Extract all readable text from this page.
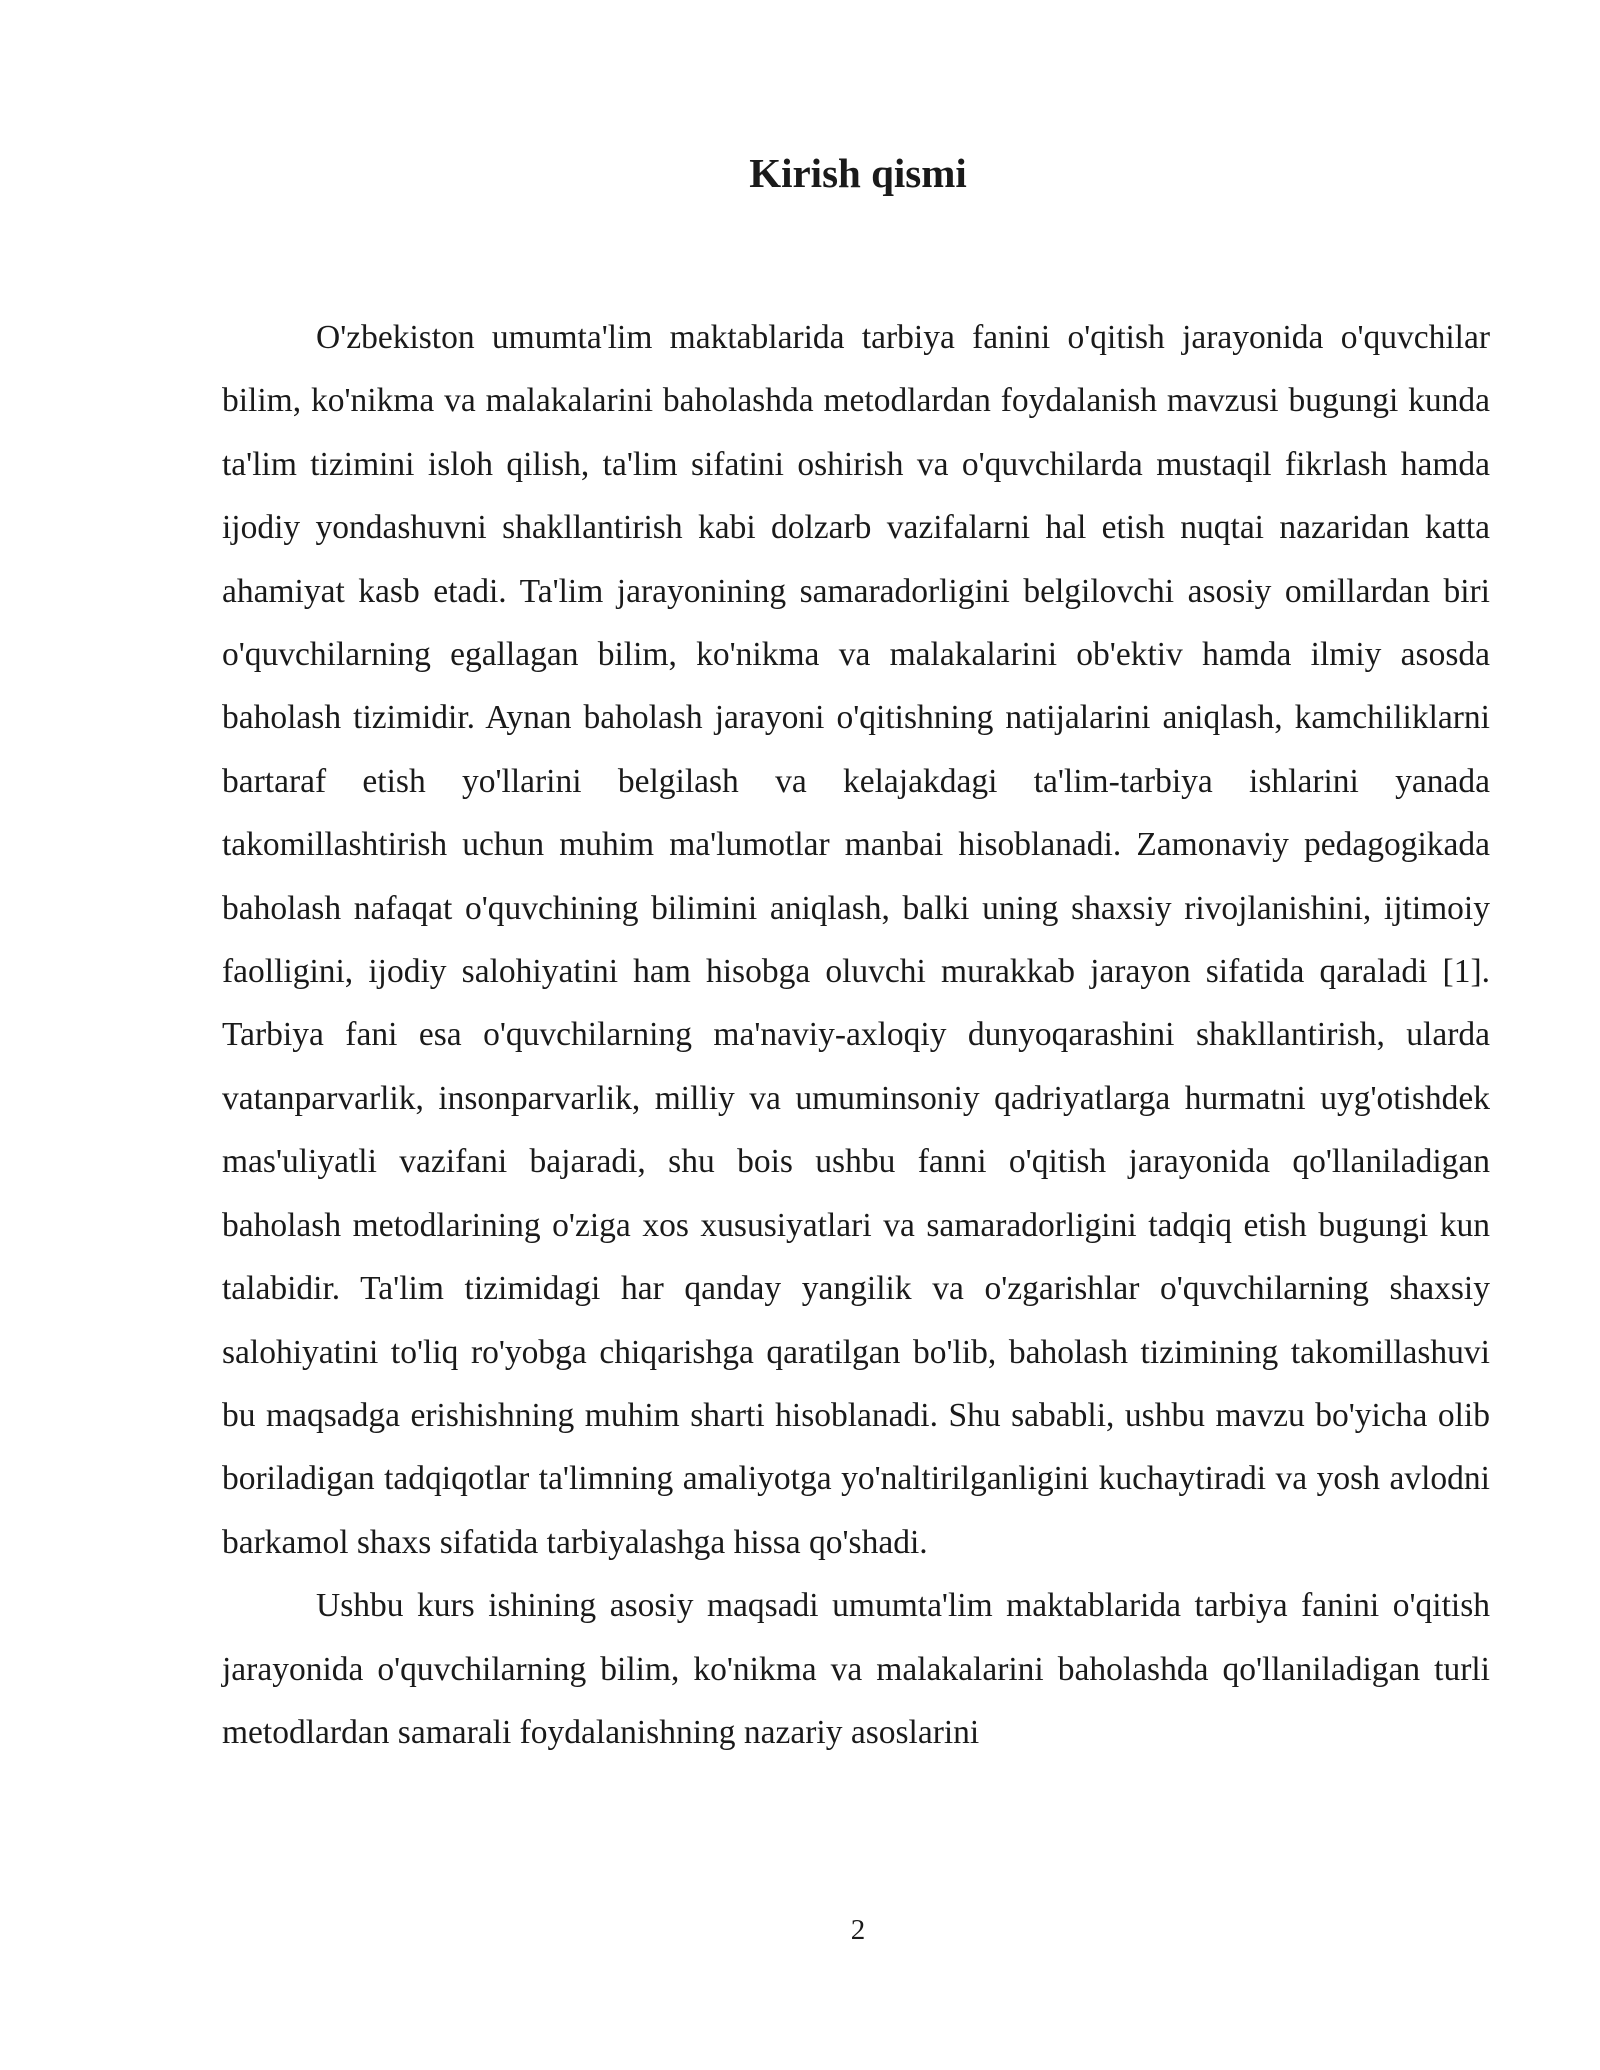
Kirish qismi

O'zbekiston umumta'lim maktablarida tarbiya fanini o'qitish jarayonida o'quvchilar bilim, ko'nikma va malakalarini baholashda metodlardan foydalanish mavzusi bugungi kunda ta'lim tizimini isloh qilish, ta'lim sifatini oshirish va o'quvchilarda mustaqil fikrlash hamda ijodiy yondashuvni shakllantirish kabi dolzarb vazifalarni hal etish nuqtai nazaridan katta ahamiyat kasb etadi. Ta'lim jarayonining samaradorligini belgilovchi asosiy omillardan biri o'quvchilarning egallagan bilim, ko'nikma va malakalarini ob'ektiv hamda ilmiy asosda baholash tizimidir. Aynan baholash jarayoni o'qitishning natijalarini aniqlash, kamchiliklarni bartaraf etish yo'llarini belgilash va kelajakdagi ta'lim-tarbiya ishlarini yanada takomillashtirish uchun muhim ma'lumotlar manbai hisoblanadi. Zamonaviy pedagogikada baholash nafaqat o'quvchining bilimini aniqlash, balki uning shaxsiy rivojlanishini, ijtimoiy faolligini, ijodiy salohiyatini ham hisobga oluvchi murakkab jarayon sifatida qaraladi [1]. Tarbiya fani esa o'quvchilarning ma'naviy-axloqiy dunyoqarashini shakllantirish, ularda vatanparvarlik, insonparvarlik, milliy va umuminsoniy qadriyatlarga hurmatni uyg'otishdek mas'uliyatli vazifani bajaradi, shu bois ushbu fanni o'qitish jarayonida qo'llaniladigan baholash metodlarining o'ziga xos xususiyatlari va samaradorligini tadqiq etish bugungi kun talabidir. Ta'lim tizimidagi har qanday yangilik va o'zgarishlar o'quvchilarning shaxsiy salohiyatini to'liq ro'yobga chiqarishga qaratilgan bo'lib, baholash tizimining takomillashuvi bu maqsadga erishishning muhim sharti hisoblanadi. Shu sababli, ushbu mavzu bo'yicha olib boriladigan tadqiqotlar ta'limning amaliyotga yo'naltirilganligini kuchaytiradi va yosh avlodni barkamol shaxs sifatida tarbiyalashga hissa qo'shadi.

Ushbu kurs ishining asosiy maqsadi umumta'lim maktablarida tarbiya fanini o'qitish jarayonida o'quvchilarning bilim, ko'nikma va malakalarini baholashda qo'llaniladigan turli metodlardan samarali foydalanishning nazariy asoslarini

2
